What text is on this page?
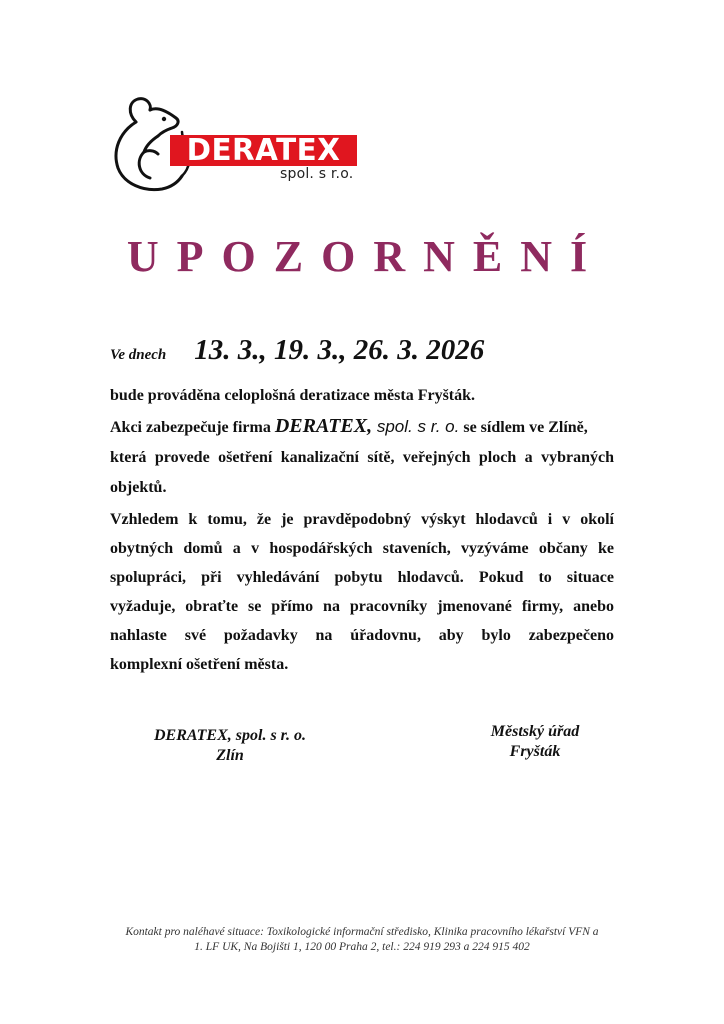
DERATEX
spol. s r.o.
UPOZORNĚNÍ
Ve dnech 13. 3., 19. 3., 26. 3. 2026
bude prováděna celoplošná deratizace města Fryšták.
Akci zabezpečuje firma DERATEX, spol. s r. o. se sídlem ve Zlíně,
která provede ošetření kanalizační sítě, veřejných ploch a vybraných
objektů.
Vzhledem k tomu, že je pravděpodobný výskyt hlodavců i v okolí
obytných domů a v hospodářských staveních, vyzýváme občany ke
spolupráci, při vyhledávání pobytu hlodavců. Pokud to situace
vyžaduje, obraťte se přímo na pracovníky jmenované firmy, anebo
nahlaste své požadavky na úřadovnu, aby bylo zabezpečeno
komplexní ošetření města.
DERATEX, spol. s r. o.
Zlín
Městský úřad
Fryšták
Kontakt pro naléhavé situace: Toxikologické informační středisko, Klinika pracovního lékařství VFN a
1. LF UK, Na Bojišti 1, 120 00 Praha 2, tel.: 224 919 293 a 224 915 402
